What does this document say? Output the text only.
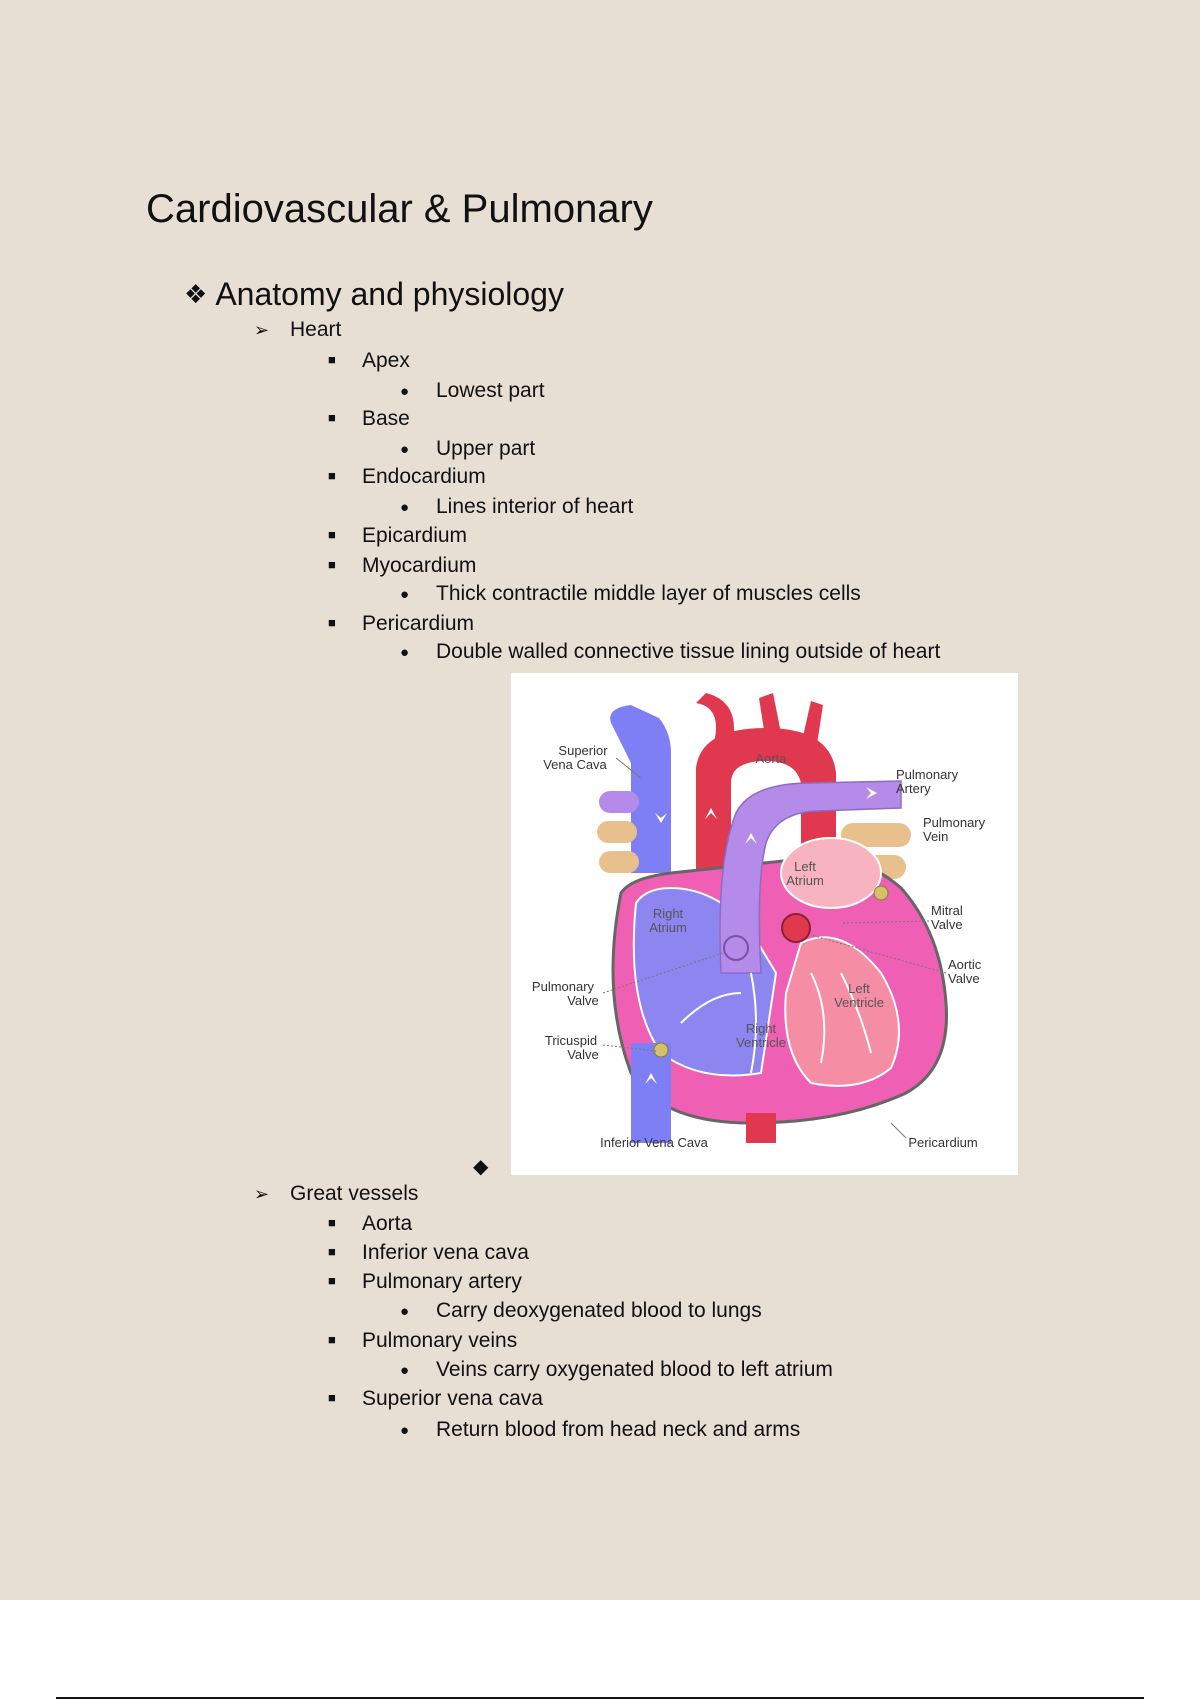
Cardiovascular & Pulmonary
❖ Anatomy and physiology
➢ Heart
■ Apex
● Lowest part
■ Base
● Upper part
■ Endocardium
● Lines interior of heart
■ Epicardium
■ Myocardium
● Thick contractile middle layer of muscles cells
■ Pericardium
● Double walled connective tissue lining outside of heart
Superior
Vena Cava	Aorta
Pulmonary
Artery
Pulmonary
Vein
Left
Atrium
Right
Atrium
Mitral
Valve
Aortic
Valve
Pulmonary
Valve
Left
Ventricle
Tricuspid
Valve
Right
Ventricle
Inferior Vena Cava	Pericardium
◆
➢ Great vessels
■ Aorta
■ Inferior vena cava
■ Pulmonary artery
● Carry deoxygenated blood to lungs
■ Pulmonary veins
● Veins carry oxygenated blood to left atrium
■ Superior vena cava
● Return blood from head neck and arms
